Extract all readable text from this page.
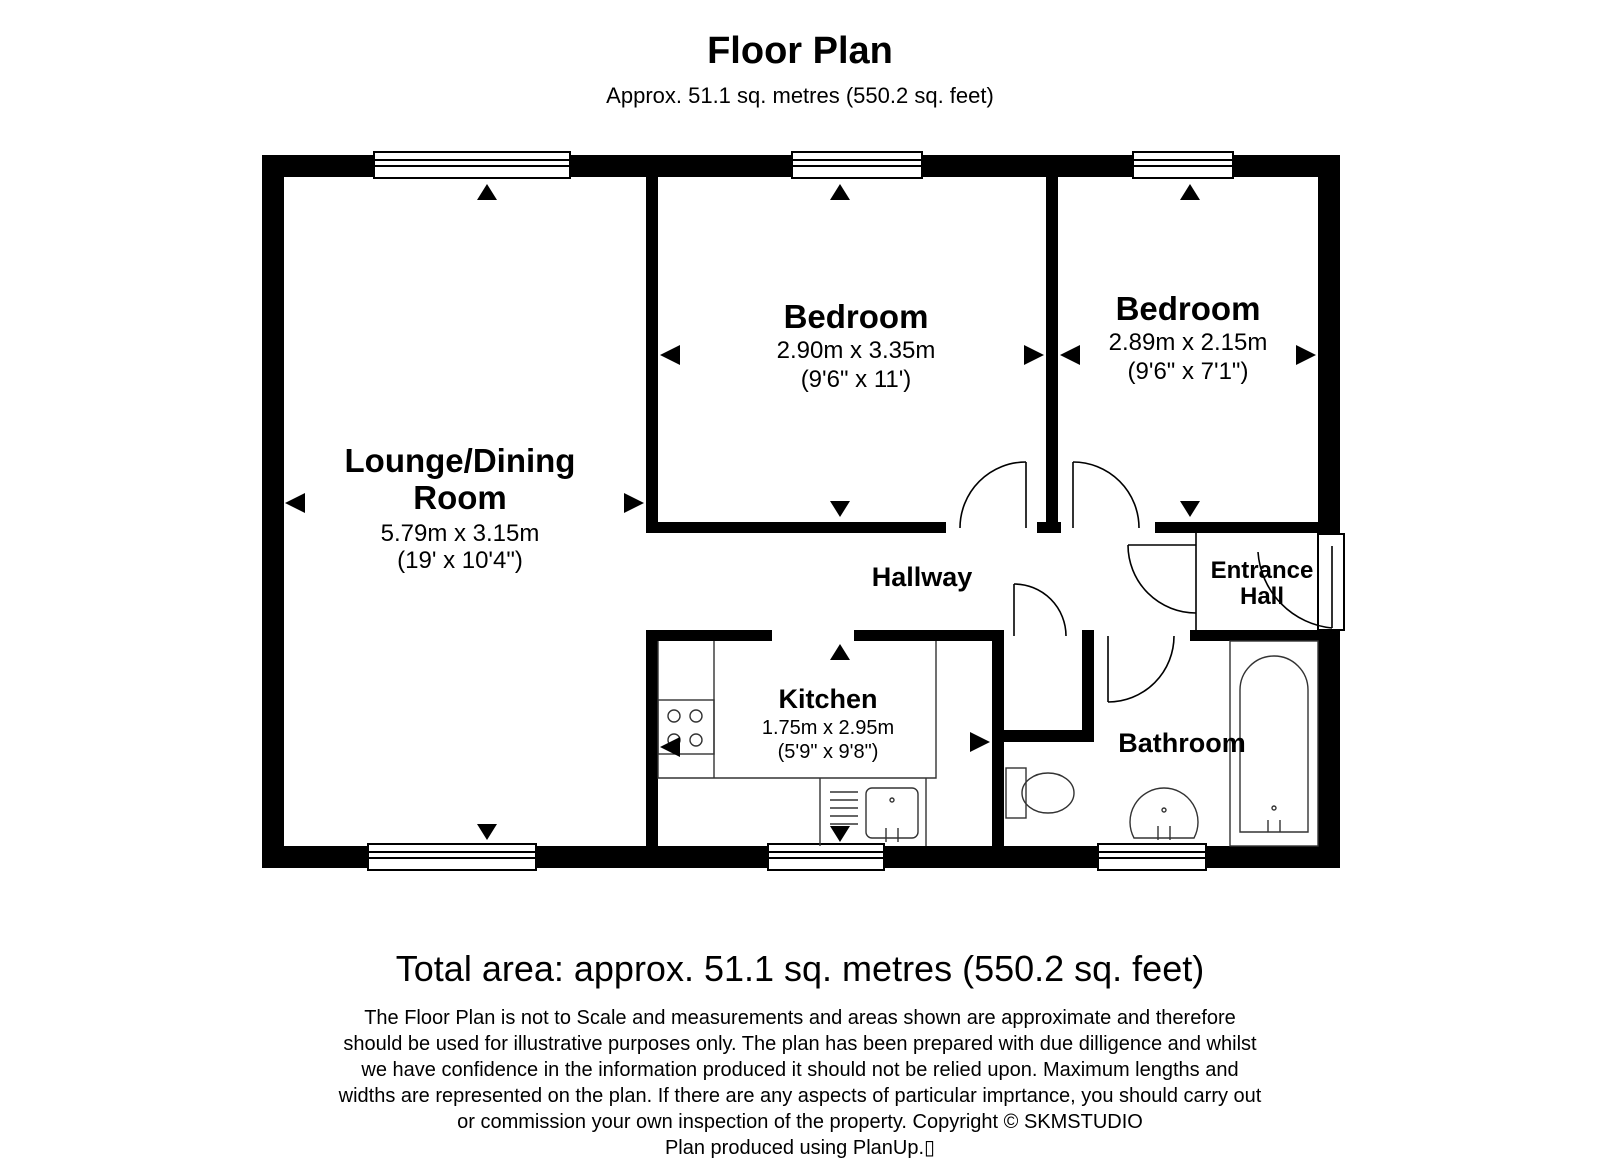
Floor Plan
Approx. 51.1 sq. metres (550.2 sq. feet)
Lounge/Dining
Room
5.79m x 3.15m
(19' x 10'4")
Bedroom
2.90m x 3.35m
(9'6" x 11')
Bedroom
2.89m x 2.15m
(9'6" x 7'1")
Hallway	Entrance
Hall
Kitchen
1.75m x 2.95m
(5'9" x 9'8")	Bathroom
Total area: approx. 51.1 sq. metres (550.2 sq. feet)
The Floor Plan is not to Scale and measurements and areas shown are approximate and therefore
should be used for illustrative purposes only. The plan has been prepared with due dilligence and whilst
we have confidence in the information produced it should not be relied upon. Maximum lengths and
widths are represented on the plan. If there are any aspects of particular imprtance, you should carry out
or commission your own inspection of the property. Copyright © SKMSTUDIO
Plan produced using PlanUp.▯
